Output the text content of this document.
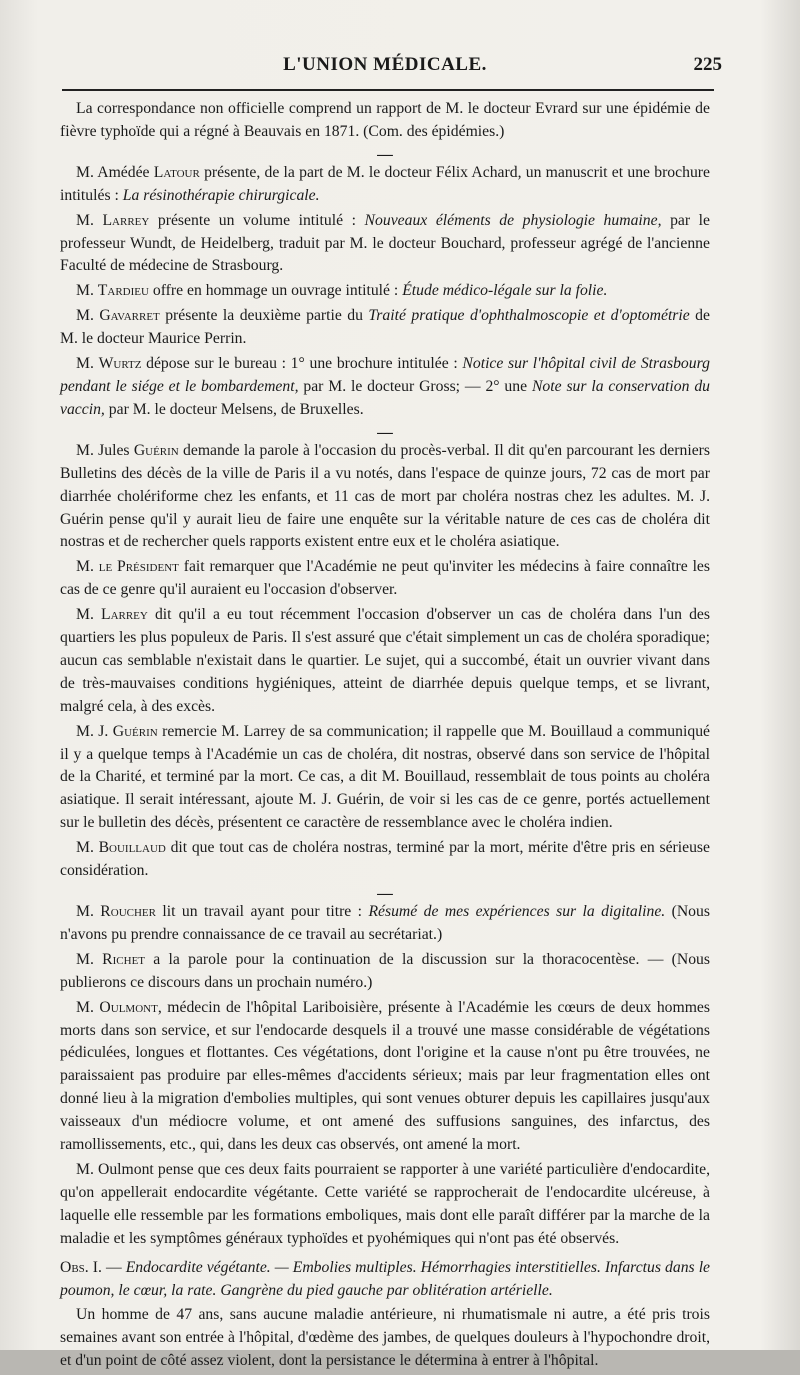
L'UNION MÉDICALE.	225

La correspondance non officielle comprend un rapport de M. le docteur Evrard sur une épidémie de fièvre typhoïde qui a régné à Beauvais en 1871. (Com. des épidémies.)

—

M. Amédée Latour présente, de la part de M. le docteur Félix Achard, un manuscrit et une brochure intitulés : La résinothérapie chirurgicale.

M. Larrey présente un volume intitulé : Nouveaux éléments de physiologie humaine, par le professeur Wundt, de Heidelberg, traduit par M. le docteur Bouchard, professeur agrégé de l'ancienne Faculté de médecine de Strasbourg.

M. Tardieu offre en hommage un ouvrage intitulé : Étude médico-légale sur la folie.

M. Gavarret présente la deuxième partie du Traité pratique d'ophthalmoscopie et d'optométrie de M. le docteur Maurice Perrin.

M. Wurtz dépose sur le bureau : 1° une brochure intitulée : Notice sur l'hôpital civil de Strasbourg pendant le siége et le bombardement, par M. le docteur Gross; — 2° une Note sur la conservation du vaccin, par M. le docteur Melsens, de Bruxelles.

—

M. Jules Guérin demande la parole à l'occasion du procès-verbal. Il dit qu'en parcourant les derniers Bulletins des décès de la ville de Paris il a vu notés, dans l'espace de quinze jours, 72 cas de mort par diarrhée cholériforme chez les enfants, et 11 cas de mort par choléra nostras chez les adultes. M. J. Guérin pense qu'il y aurait lieu de faire une enquête sur la véritable nature de ces cas de choléra dit nostras et de rechercher quels rapports existent entre eux et le choléra asiatique.

M. le Président fait remarquer que l'Académie ne peut qu'inviter les médecins à faire connaître les cas de ce genre qu'il auraient eu l'occasion d'observer.

M. Larrey dit qu'il a eu tout récemment l'occasion d'observer un cas de choléra dans l'un des quartiers les plus populeux de Paris. Il s'est assuré que c'était simplement un cas de choléra sporadique; aucun cas semblable n'existait dans le quartier. Le sujet, qui a succombé, était un ouvrier vivant dans de très-mauvaises conditions hygiéniques, atteint de diarrhée depuis quelque temps, et se livrant, malgré cela, à des excès.

M. J. Guérin remercie M. Larrey de sa communication; il rappelle que M. Bouillaud a communiqué il y a quelque temps à l'Académie un cas de choléra, dit nostras, observé dans son service de l'hôpital de la Charité, et terminé par la mort. Ce cas, a dit M. Bouillaud, ressemblait de tous points au choléra asiatique. Il serait intéressant, ajoute M. J. Guérin, de voir si les cas de ce genre, portés actuellement sur le bulletin des décès, présentent ce caractère de ressemblance avec le choléra indien.

M. Bouillaud dit que tout cas de choléra nostras, terminé par la mort, mérite d'être pris en sérieuse considération.

—

M. Roucher lit un travail ayant pour titre : Résumé de mes expériences sur la digitaline. (Nous n'avons pu prendre connaissance de ce travail au secrétariat.)

M. Richet a la parole pour la continuation de la discussion sur la thoracocentèse. — (Nous publierons ce discours dans un prochain numéro.)

M. Oulmont, médecin de l'hôpital Lariboisière, présente à l'Académie les cœurs de deux hommes morts dans son service, et sur l'endocarde desquels il a trouvé une masse considérable de végétations pédiculées, longues et flottantes. Ces végétations, dont l'origine et la cause n'ont pu être trouvées, ne paraissaient pas produire par elles-mêmes d'accidents sérieux; mais par leur fragmentation elles ont donné lieu à la migration d'embolies multiples, qui sont venues obturer depuis les capillaires jusqu'aux vaisseaux d'un médiocre volume, et ont amené des suffusions sanguines, des infarctus, des ramollissements, etc., qui, dans les deux cas observés, ont amené la mort.

M. Oulmont pense que ces deux faits pourraient se rapporter à une variété particulière d'endocardite, qu'on appellerait endocardite végétante. Cette variété se rapprocherait de l'endocardite ulcéreuse, à laquelle elle ressemble par les formations emboliques, mais dont elle paraît différer par la marche de la maladie et les symptômes généraux typhoïdes et pyohémiques qui n'ont pas été observés.

Obs. I. — Endocardite végétante. — Embolies multiples. Hémorrhagies interstitielles. Infarctus dans le poumon, le cœur, la rate. Gangrène du pied gauche par oblitération artérielle.

Un homme de 47 ans, sans aucune maladie antérieure, ni rhumatismale ni autre, a été pris trois semaines avant son entrée à l'hôpital, d'œdème des jambes, de quelques douleurs à l'hypochondre droit, et d'un point de côté assez violent, dont la persistance le détermina à entrer à l'hôpital.
